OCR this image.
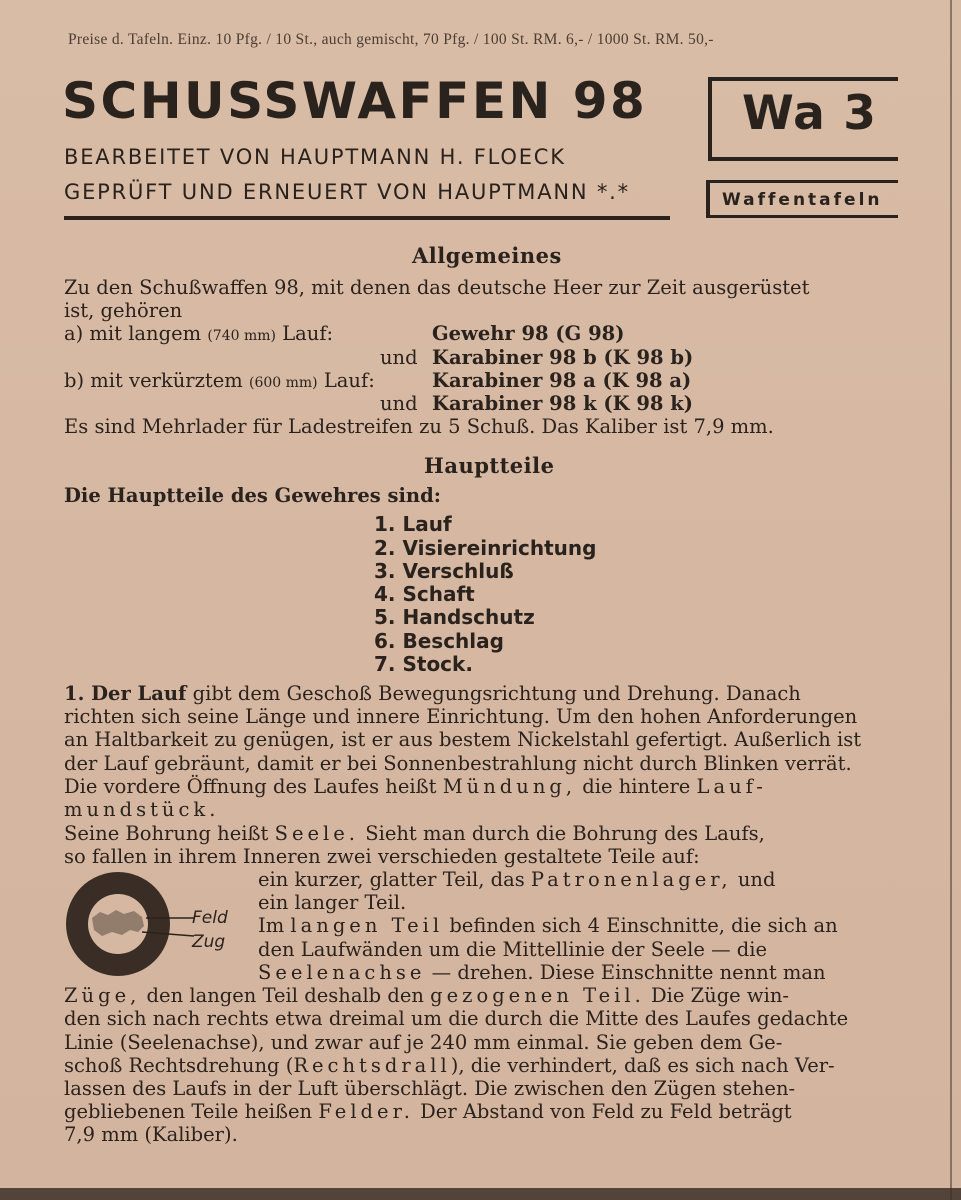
Preise d. Tafeln. Einz. 10 Pfg. / 10 St., auch gemischt, 70 Pfg. / 100 St. RM. 6,- / 1000 St. RM. 50,-
SCHUSSWAFFEN 98
BEARBEITET VON HAUPTMANN H. FLOECK
GEPRÜFT UND ERNEUERT VON HAUPTMANN *.*
Wa 3
Waffentafeln
Allgemeines
Zu den Schußwaffen 98, mit denen das deutsche Heer zur Zeit ausgerüstet
ist, gehören
a) mit langem (740 mm) Lauf:	Gewehr 98 (G 98)
und Karabiner 98 b (K 98 b)
b) mit verkürztem (600 mm) Lauf:	Karabiner 98 a (K 98 a)
und Karabiner 98 k (K 98 k)
Es sind Mehrlader für Ladestreifen zu 5 Schuß. Das Kaliber ist 7,9 mm.
Hauptteile
Die Hauptteile des Gewehres sind:
1. Lauf
2. Visiereinrichtung
3. Verschluß
4. Schaft
5. Handschutz
6. Beschlag
7. Stock.
1. Der Lauf gibt dem Geschoß Bewegungsrichtung und Drehung. Danach
richten sich seine Länge und innere Einrichtung. Um den hohen Anforderungen
an Haltbarkeit zu genügen, ist er aus bestem Nickelstahl gefertigt. Außerlich ist
der Lauf gebräunt, damit er bei Sonnenbestrahlung nicht durch Blinken verrät.
Die vordere Öffnung des Laufes heißt Mündung, die hintere Lauf-
mundstück.
Seine Bohrung heißt Seele. Sieht man durch die Bohrung des Laufs,
so fallen in ihrem Inneren zwei verschieden gestaltete Teile auf:
ein kurzer, glatter Teil, das Patronenlager, und
ein langer Teil.
Im langen Teil befinden sich 4 Einschnitte, die sich an
den Laufwänden um die Mittellinie der Seele — die
Seelenachse — drehen. Diese Einschnitte nennt man
Züge, den langen Teil deshalb den gezogenen Teil. Die Züge win-
den sich nach rechts etwa dreimal um die durch die Mitte des Laufes gedachte
Linie (Seelenachse), und zwar auf je 240 mm einmal. Sie geben dem Ge-
schoß Rechtsdrehung (Rechtsdrall), die verhindert, daß es sich nach Ver-
lassen des Laufs in der Luft überschlägt. Die zwischen den Zügen stehen-
gebliebenen Teile heißen Felder. Der Abstand von Feld zu Feld beträgt
7,9 mm (Kaliber).
Feld
Zug
